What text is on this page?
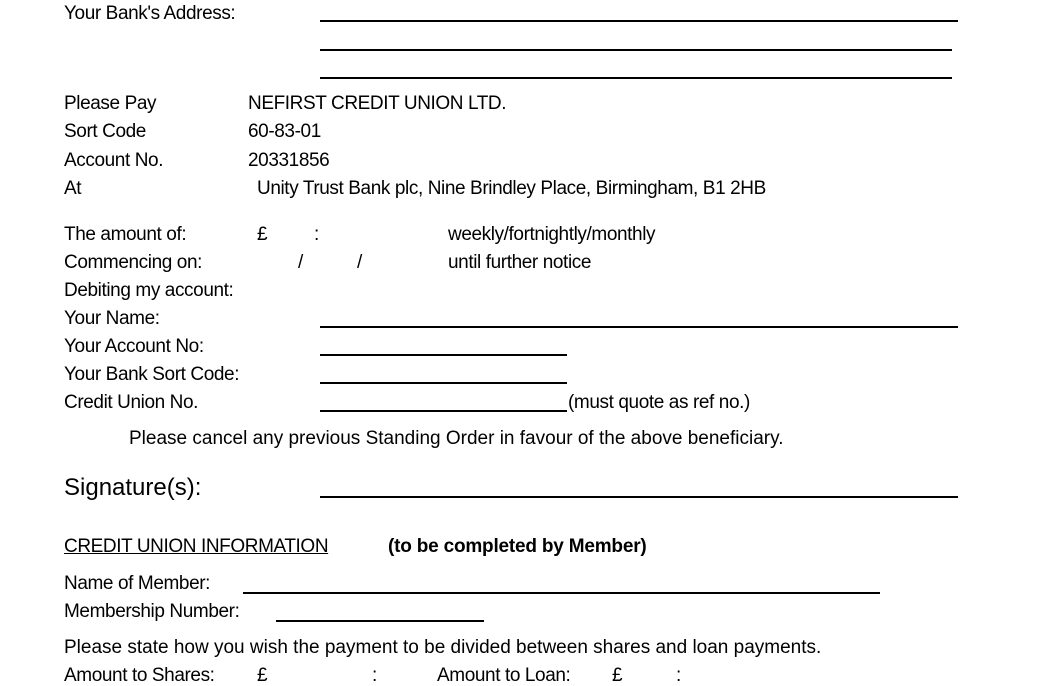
Your Bank's Address:
Please Pay	NEFIRST CREDIT UNION LTD.
Sort Code	60-83-01
Account No.	20331856
At	Unity Trust Bank plc, Nine Brindley Place, Birmingham, B1 2HB
The amount of:	£ :	weekly/fortnightly/monthly
Commencing on:	/	/	until further notice
Debiting my account:
Your Name:
Your Account No:
Your Bank Sort Code:
Credit Union No.	(must quote as ref no.)
Please cancel any previous Standing Order in favour of the above beneficiary.
Signature(s):
CREDIT UNION INFORMATION	(to be completed by Member)
Name of Member:
Membership Number:
Please state how you wish the payment to be divided between shares and loan payments.
Amount to Shares: £	:	Amount to Loan: £	:
